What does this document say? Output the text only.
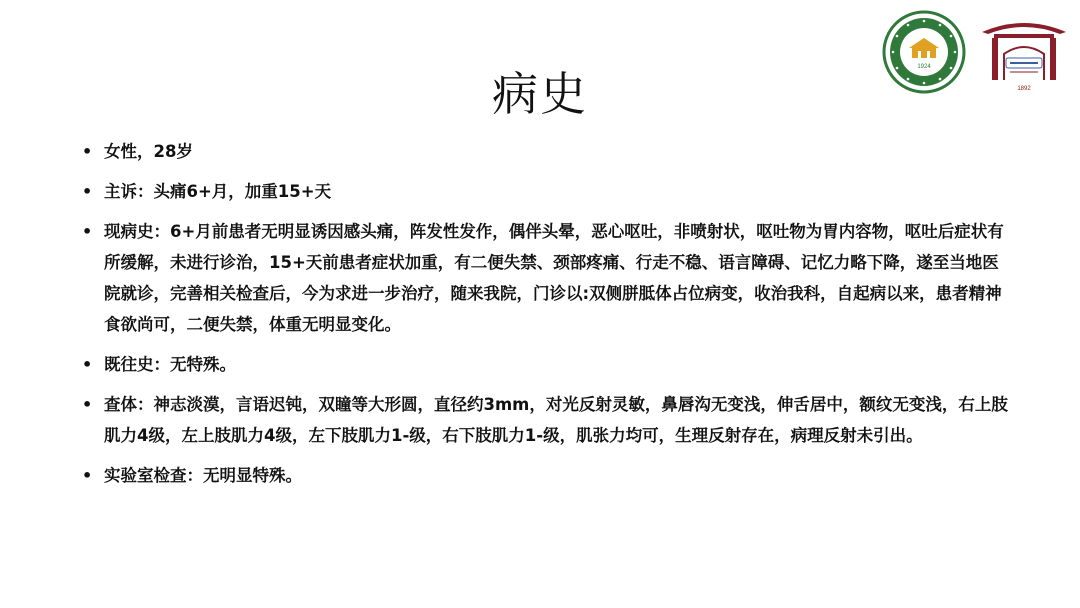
病史	1924
1892
• 女性，28岁
• 主诉：头痛6+月，加重15+天
• 现病史：6+月前患者无明显诱因感头痛，阵发性发作，偶伴头晕，恶心呕吐，非喷射状，呕吐物为胃内容物，呕吐后症状有所缓解，未进行诊治，15+天前患者症状加重，有二便失禁、颈部疼痛、行走不稳、语言障碍、记忆力略下降，遂至当地医院就诊，完善相关检查后，今为求进一步治疗，随来我院，门诊以:双侧胼胝体占位病变，收治我科，自起病以来，患者精神食欲尚可，二便失禁，体重无明显变化。
• 既往史：无特殊。
• 查体：神志淡漠，言语迟钝，双瞳等大形圆，直径约3mm，对光反射灵敏，鼻唇沟无变浅，伸舌居中，额纹无变浅，右上肢肌力4级，左上肢肌力4级，左下肢肌力1-级，右下肢肌力1-级，肌张力均可，生理反射存在，病理反射未引出。
• 实验室检查：无明显特殊。
